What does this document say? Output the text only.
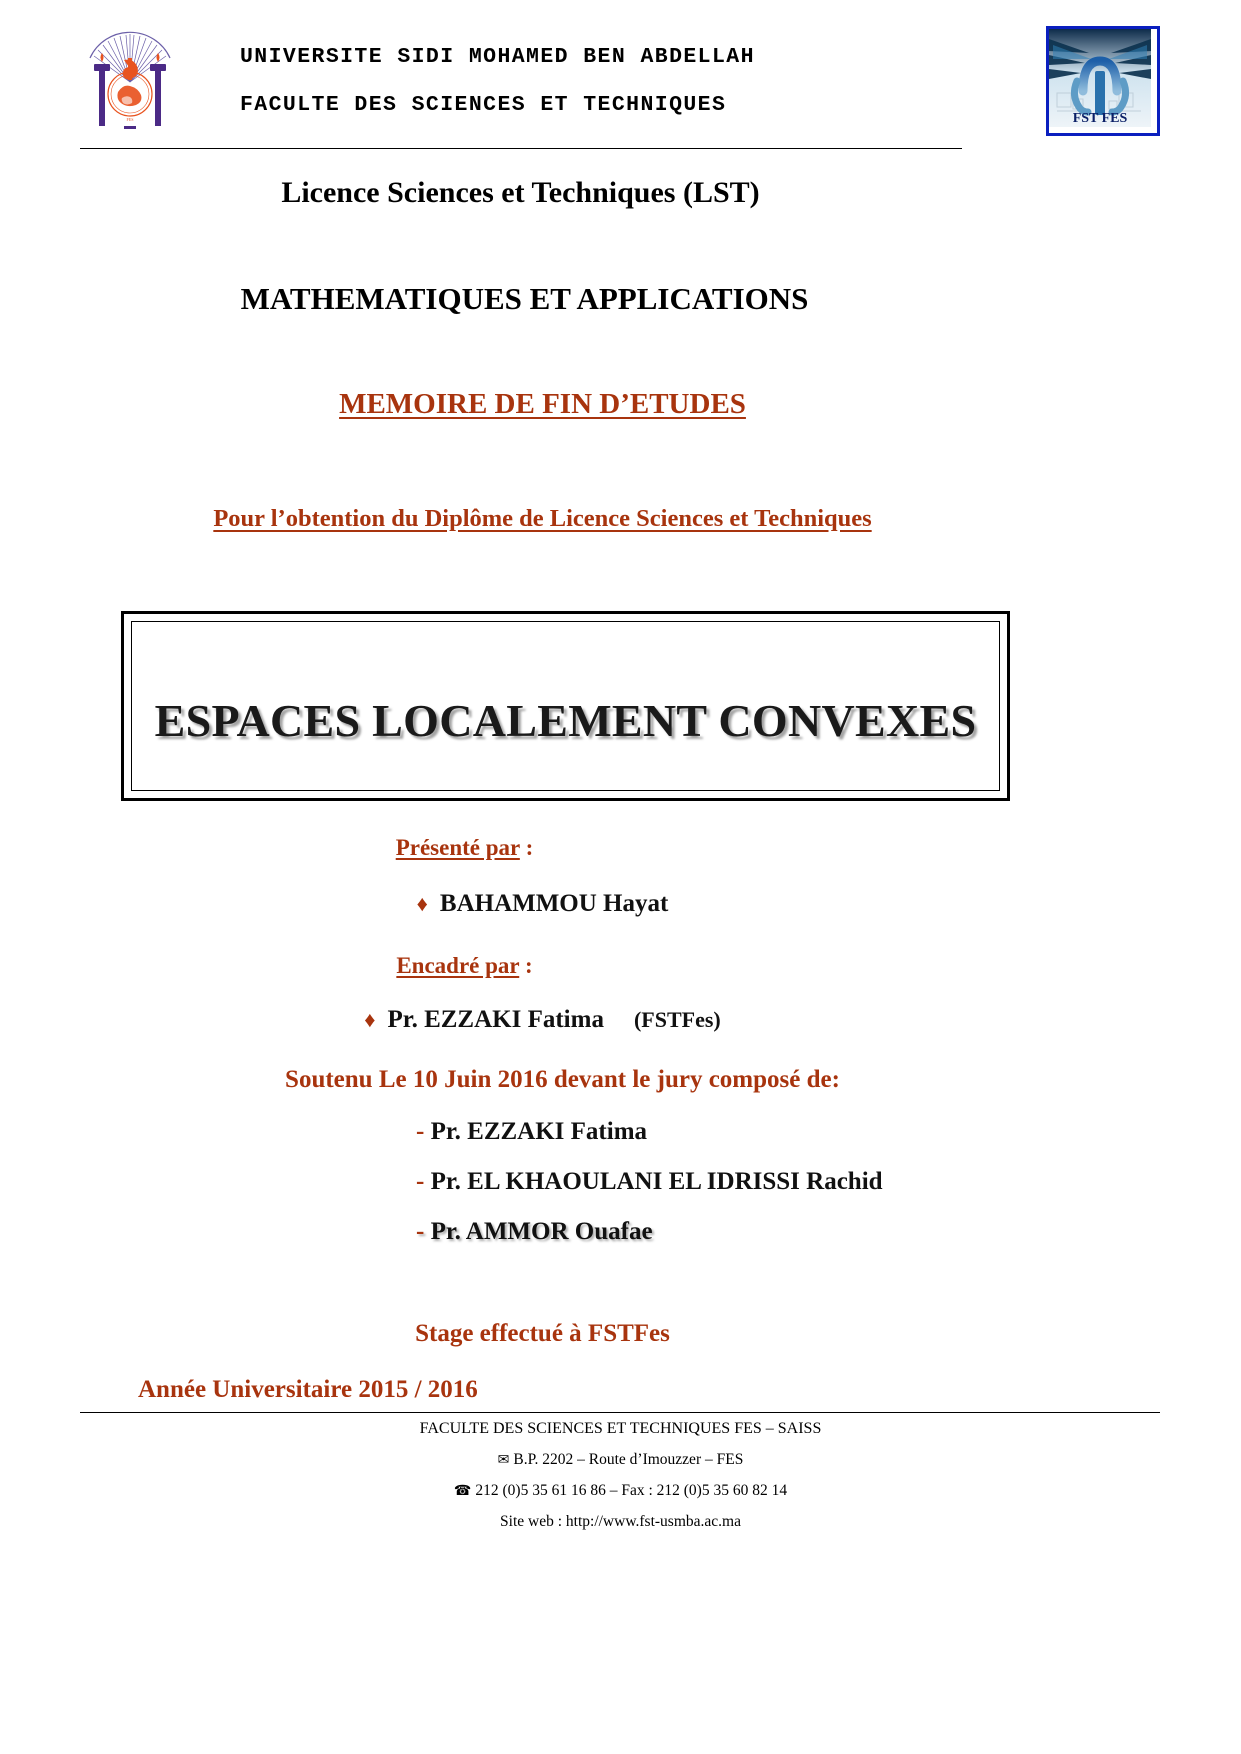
FES
UNIVERSITE SIDI MOHAMED BEN ABDELLAH
FACULTE DES SCIENCES ET TECHNIQUES
FST FES
Licence Sciences et Techniques (LST)
MATHEMATIQUES ET APPLICATIONS
MEMOIRE DE FIN D’ETUDES
Pour l’obtention du Diplôme de Licence Sciences et Techniques
ESPACES LOCALEMENT CONVEXES
Présenté par :
♦ BAHAMMOU Hayat
Encadré par :
♦ Pr. EZZAKI Fatima (FSTFes)
Soutenu Le 10 Juin 2016 devant le jury composé de:
- Pr. EZZAKI Fatima
- Pr. EL KHAOULANI EL IDRISSI Rachid
- Pr. AMMOR Ouafae
Stage effectué à FSTFes
Année Universitaire 2015 / 2016
FACULTE DES SCIENCES ET TECHNIQUES FES – SAISS
✉ B.P. 2202 – Route d’Imouzzer – FES
☎ 212 (0)5 35 61 16 86 – Fax : 212 (0)5 35 60 82 14
Site web : http://www.fst-usmba.ac.ma
